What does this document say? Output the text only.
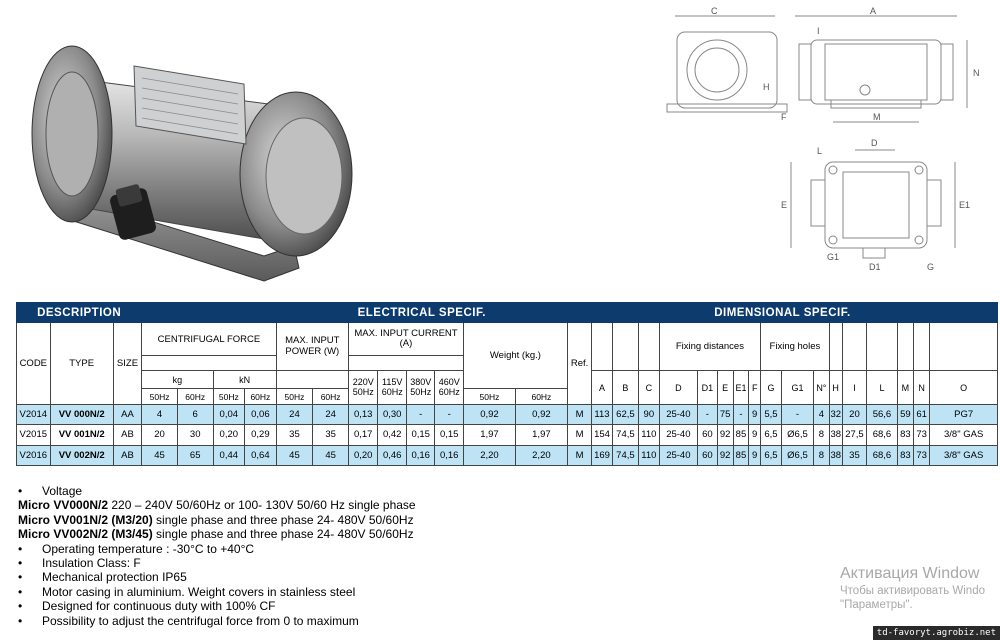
C	A
I
N
H
F	M
D
L
E	E1
G1
D1	G
DESCRIPTION							ELECTRICAL SPECIF.								DIMENSIONAL SPECIF.																	
CODE	TYPE	SIZE	CENTRIFUGAL FORCE				MAX. INPUT POWER (W)		MAX. INPUT CURRENT (A)				Weight (kg.)		Ref.				Fixing distances					Fixing holes								

			kg		kN				220V 50Hz	115V 60Hz	380V 50Hz	460V 60Hz				A	B	C	D	D1	E	E1	F	G	G1	N°	H	I	L	M	N	O
			50Hz	60Hz	50Hz	60Hz	50Hz	60Hz					50Hz	60Hz																		
V2014	VV 000N/2	AA	4	6	0,04	0,06	24	24	0,13	0,30	-	-	0,92	0,92	M	113	62,5	90	25-40	-	75	-	9	5,5	-	4	32	20	56,6	59	61	PG7
V2015	VV 001N/2	AB	20	30	0,20	0,29	35	35	0,17	0,42	0,15	0,15	1,97	1,97	M	154	74,5	110	25-40	60	92	85	9	6,5	Ø6,5	8	38	27,5	68,6	83	73	3/8" GAS
V2016	VV 002N/2	AB	45	65	0,44	0,64	45	45	0,20	0,46	0,16	0,16	2,20	2,20	M	169	74,5	110	25-40	60	92	85	9	6,5	Ø6,5	8	38	35	68,6	83	73	3/8" GAS
• Voltage
Micro VV000N/2 220 – 240V 50/60Hz or 100- 130V 50/60 Hz single phase
Micro VV001N/2 (M3/20) single phase and three phase 24- 480V 50/60Hz
Micro VV002N/2 (M3/45) single phase and three phase 24- 480V 50/60Hz
• Operating temperature : -30°C to +40°C
• Insulation Class: F
• Mechanical protection IP65
• Motor casing in aluminium. Weight covers in stainless steel
• Designed for continuous duty with 100% CF
• Possibility to adjust the centrifugal force from 0 to maximum
Активация Window
Чтобы активировать Windo
"Параметры".
td-favoryt.agrobiz.net
